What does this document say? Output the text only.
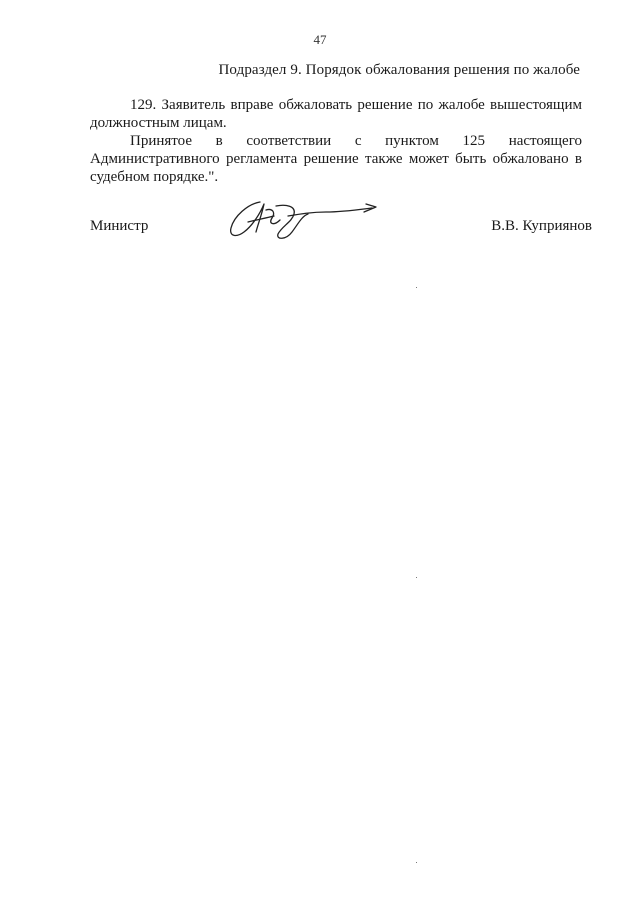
47
Подраздел 9. Порядок обжалования решения по жалобе

129. Заявитель вправе обжаловать решение по жалобе вышестоящим должностным лицам.

Принятое в соответствии с пунктом 125 настоящего Административного регламента решение также может быть обжаловано в судебном порядке.".

Министр	В.В. Куприянов
